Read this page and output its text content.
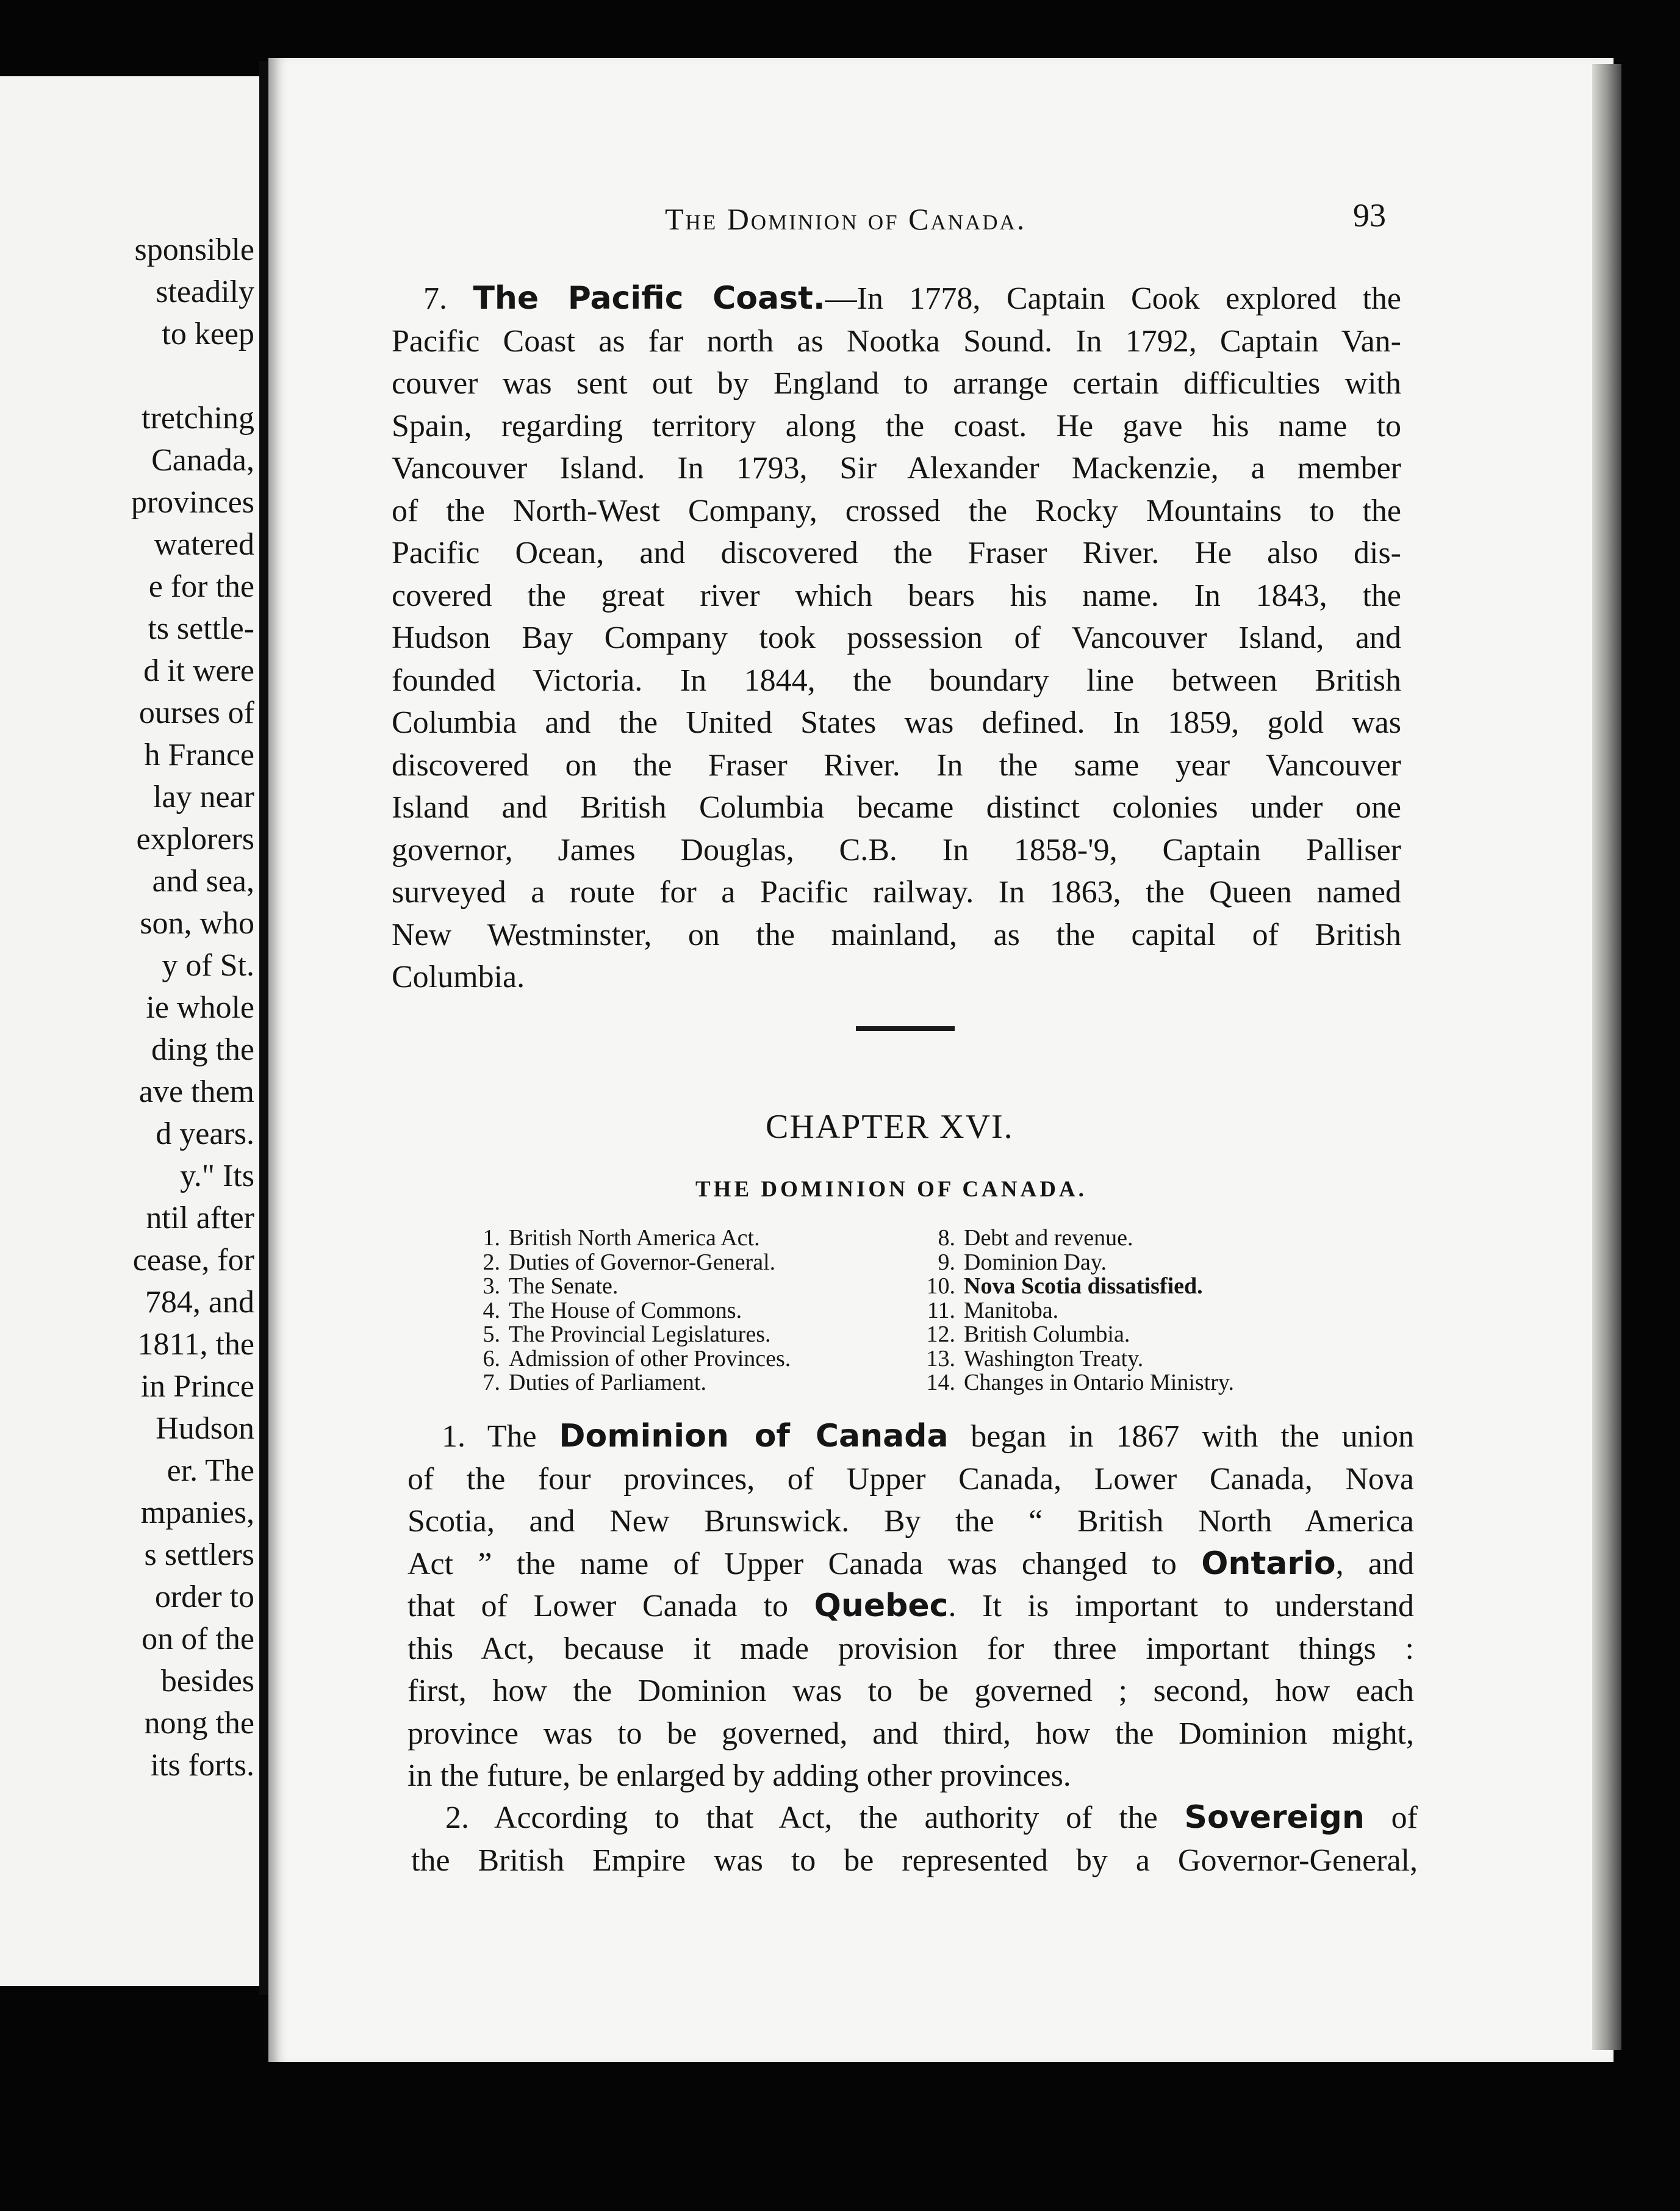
sponsible
steadily
to keep
tretching
Canada,
provinces
watered
e for the
ts settle-
d it were
ourses of
h France
lay near
explorers
and sea,
son, who
y of St.
ie whole
ding the
ave them
d years.
y." Its
ntil after
cease, for
784, and
1811, the
in Prince
Hudson
er. The
mpanies,
s settlers
order to
on of the
besides
nong the
its forts.
The Dominion of Canada.	93
7. The Pacific Coast.—In 1778, Captain Cook explored the
Pacific Coast as far north as Nootka Sound. In 1792, Captain Van-
couver was sent out by England to arrange certain difficulties with
Spain, regarding territory along the coast. He gave his name to
Vancouver Island. In 1793, Sir Alexander Mackenzie, a member
of the North-West Company, crossed the Rocky Mountains to the
Pacific Ocean, and discovered the Fraser River. He also dis-
covered the great river which bears his name. In 1843, the
Hudson Bay Company took possession of Vancouver Island, and
founded Victoria. In 1844, the boundary line between British
Columbia and the United States was defined. In 1859, gold was
discovered on the Fraser River. In the same year Vancouver
Island and British Columbia became distinct colonies under one
governor, James Douglas, C.B. In 1858-'9, Captain Palliser
surveyed a route for a Pacific railway. In 1863, the Queen named
New Westminster, on the mainland, as the capital of British
Columbia.
CHAPTER XVI.
THE DOMINION OF CANADA.
1. British North America Act.
2. Duties of Governor-General.
3. The Senate.
4. The House of Commons.
5. The Provincial Legislatures.
6. Admission of other Provinces.
7. Duties of Parliament.
8. Debt and revenue.
9. Dominion Day.
10. Nova Scotia dissatisfied.
11. Manitoba.
12. British Columbia.
13. Washington Treaty.
14. Changes in Ontario Ministry.
1. The Dominion of Canada began in 1867 with the union
of the four provinces, of Upper Canada, Lower Canada, Nova
Scotia, and New Brunswick. By the “ British North America
Act ” the name of Upper Canada was changed to Ontario, and
that of Lower Canada to Quebec. It is important to understand
this Act, because it made provision for three important things :
first, how the Dominion was to be governed ; second, how each
province was to be governed, and third, how the Dominion might,
in the future, be enlarged by adding other provinces.
2. According to that Act, the authority of the Sovereign of
the British Empire was to be represented by a Governor-General,
